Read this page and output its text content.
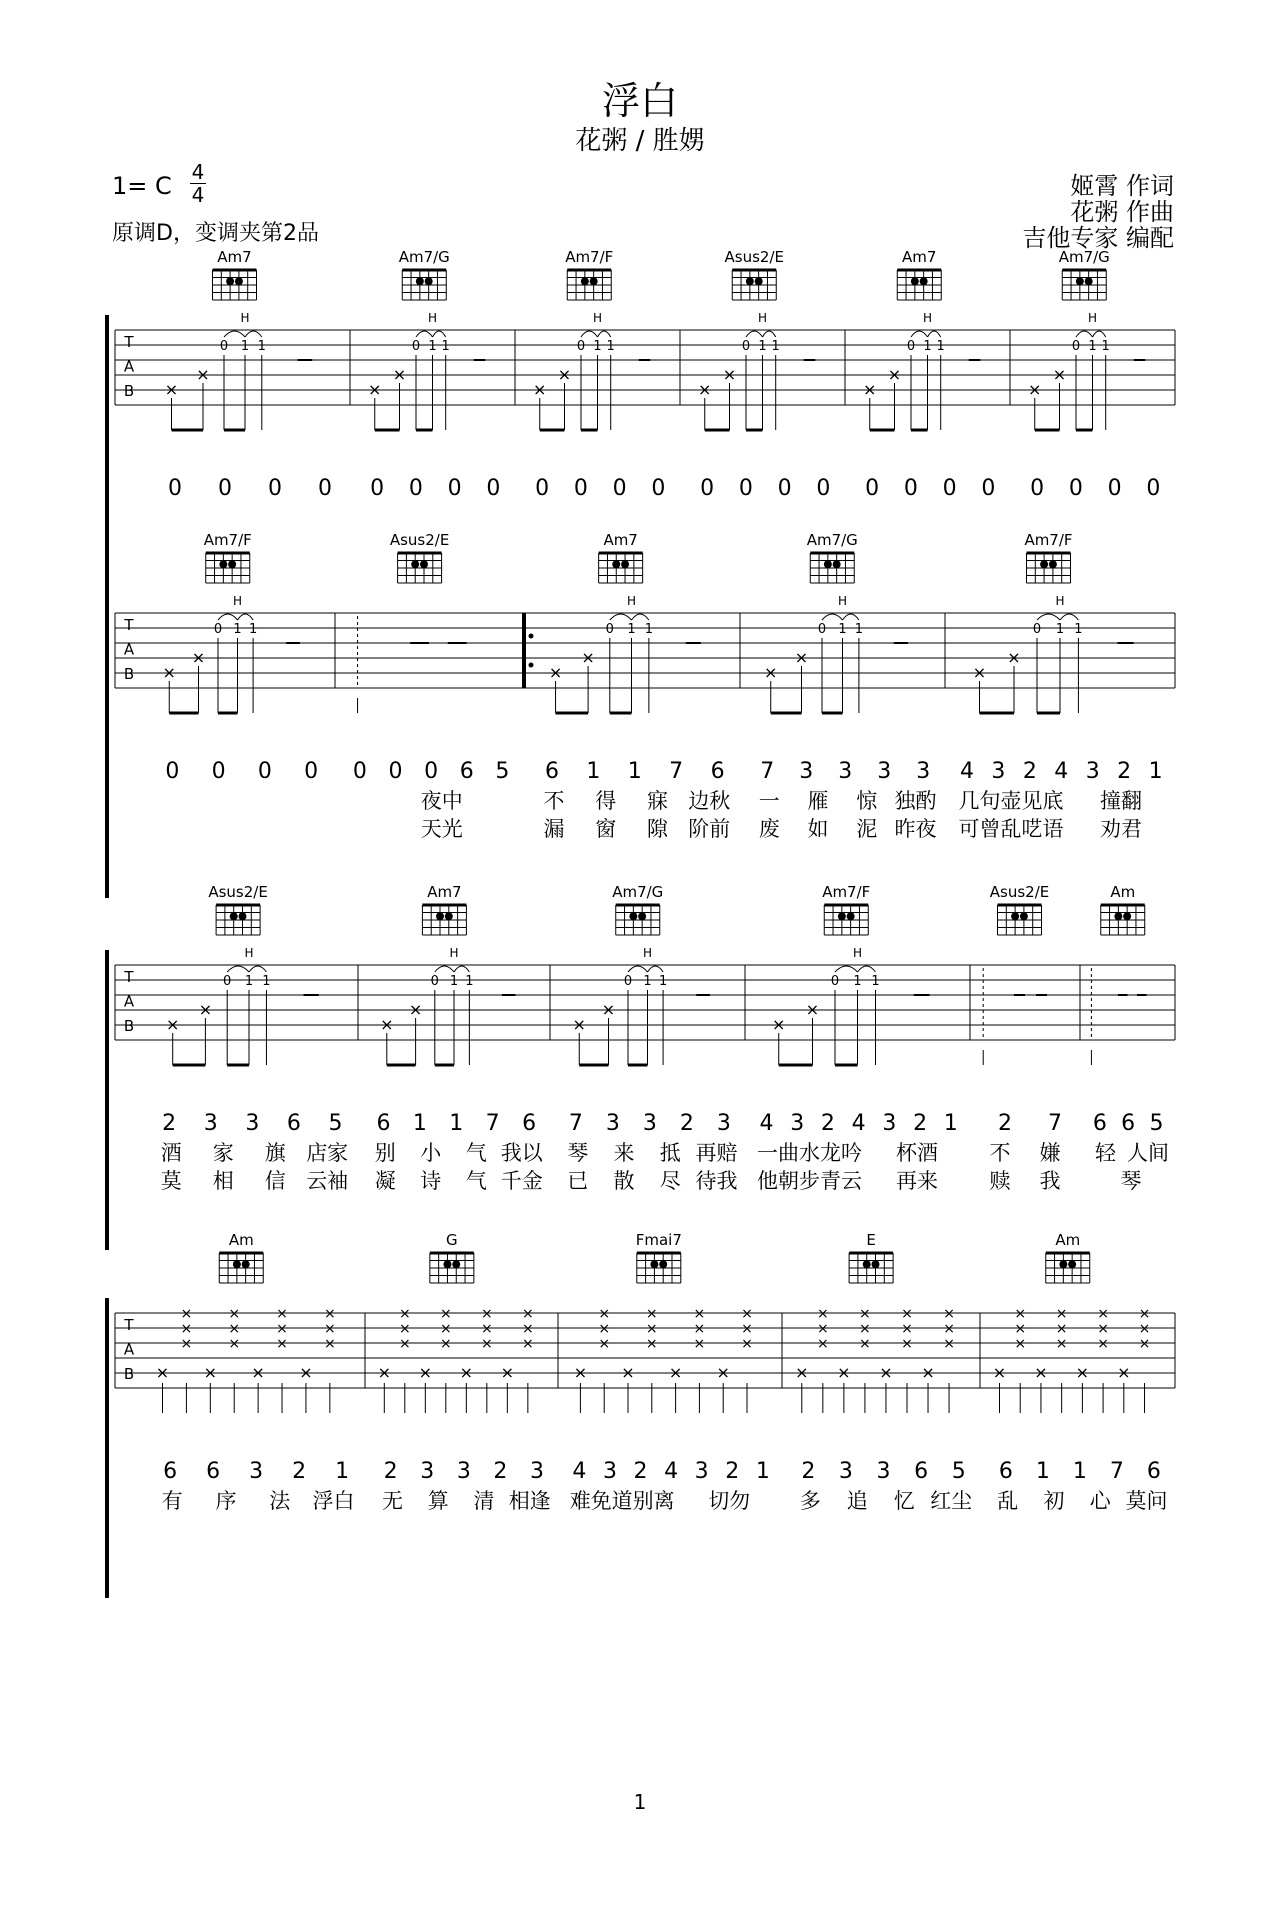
浮白
花粥 / 胜娚
1= C 4
4
原调D，变调夹第2品
姬霄 作词
花粥 作曲
吉他专家 编配
T
A
B
Am7
×
×
0 1 1
H
0 0 0 0
Am7/G
×
×
0 1 1
H
0 0 0 0
Am7/F
×
×
0 1 1
H
0 0 0 0
Asus2/E
×
×
0 1 1
H
0 0 0 0
Am7
×
×
0 1 1
H
0 0 0 0
Am7/G
×
×
0 1 1
H
0 0 0 0
T
A
B
Am7/F
×
×
0 1 1
H
0 0 0 0
Asus2/E
0 0 0 6 5
夜中
天光
Am7
×
×
0 1 1
H
6 1 1 7 6
不 得 寐 边秋
漏 窗 隙 阶前
Am7/G
×
×
0 1 1
H
7 3 3 3 3
一 雁 惊 独酌
废 如 泥 昨夜
Am7/F
×
×
0 1 1
H
4 3 2 4 3 2 1
几句壶见底 撞翻
可曾乱呓语 劝君
T
A
B
Asus2/E
×
×
0 1 1
H
2 3 3 6 5
酒 家 旗 店家
莫 相 信 云袖
Am7
×
×
0 1 1
H
6 1 1 7 6
别 小 气 我以
凝 诗 气 千金
Am7/G
×
×
0 1 1
H
7 3 3 2 3
琴 来 抵 再赔
已 散 尽 待我
Am7/F
×
×
0 1 1
H
4 3 2 4 3 2 1
一曲水龙吟 杯酒
他朝步青云 再来
Asus2/E
2 7
不 嫌
赎 我
Am
6 6 5
轻 人间
琴
T
A
B
Am
×
×
×
×
×
×
×
×
×
×
×
×
×
×
×
×
6 6 3 2 1
有 序 法 浮白
G
×
×
×
×
×
×
×
×
×
×
×
×
×
×
×
×
2 3 3 2 3
无 算 清 相逢
Fmai7
×
×
×
×
×
×
×
×
×
×
×
×
×
×
×
×
4 3 2 4 3 2 1
难免道别离 切勿
E
×
×
×
×
×
×
×
×
×
×
×
×
×
×
×
×
2 3 3 6 5
多 追 忆 红尘
Am
×
×
×
×
×
×
×
×
×
×
×
×
×
×
×
×
6 1 1 7 6
乱 初 心 莫问
1
